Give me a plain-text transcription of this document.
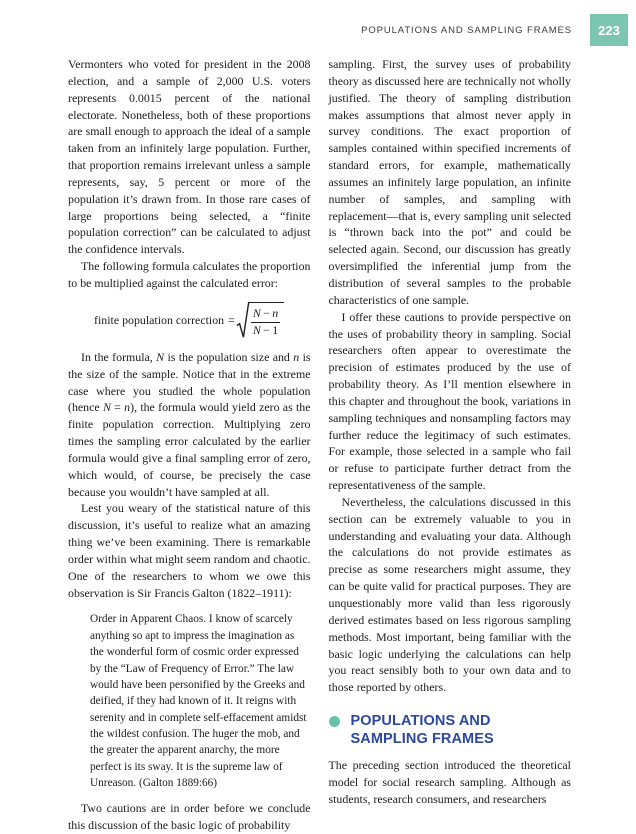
POPULATIONS AND SAMPLING FRAMES	223

Vermonters who voted for president in the 2008 election, and a sample of 2,000 U.S. voters represents 0.0015 percent of the national electorate. Nonetheless, both of these proportions are small enough to approach the ideal of a sample taken from an infinitely large population. Further, that proportion remains irrelevant unless a sample represents, say, 5 percent or more of the population it’s drawn from. In those rare cases of large proportions being selected, a “finite population correction” can be calculated to adjust the confidence intervals.

The following formula calculates the proportion to be multiplied against the calculated error:

finite population correction = $\frac{N - n}{N - 1}$

In the formula, N is the population size and n is the size of the sample. Notice that in the extreme case where you studied the whole population (hence N = n), the formula would yield zero as the finite population correction. Multiplying zero times the sampling error calculated by the earlier formula would give a final sampling error of zero, which would, of course, be precisely the case because you wouldn’t have sampled at all.

Lest you weary of the statistical nature of this discussion, it’s useful to realize what an amazing thing we’ve been examining. There is remarkable order within what might seem random and chaotic. One of the researchers to whom we owe this observation is Sir Francis Galton (1822–1911):

Order in Apparent Chaos. I know of scarcely anything so apt to impress the imagination as the wonderful form of cosmic order expressed by the “Law of Frequency of Error.” The law would have been personified by the Greeks and deified, if they had known of it. It reigns with serenity and in complete self-effacement amidst the wildest confusion. The huger the mob, and the greater the apparent anarchy, the more perfect is its sway. It is the supreme law of Unreason. (Galton 1889:66)

Two cautions are in order before we conclude this discussion of the basic logic of probability

sampling. First, the survey uses of probability theory as discussed here are technically not wholly justified. The theory of sampling distribution makes assumptions that almost never apply in survey conditions. The exact proportion of samples contained within specified increments of standard errors, for example, mathematically assumes an infinitely large population, an infinite number of samples, and sampling with replacement—that is, every sampling unit selected is “thrown back into the pot” and could be selected again. Second, our discussion has greatly oversimplified the inferential jump from the distribution of several samples to the probable characteristics of one sample.

I offer these cautions to provide perspective on the uses of probability theory in sampling. Social researchers often appear to overestimate the precision of estimates produced by the use of probability theory. As I’ll mention elsewhere in this chapter and throughout the book, variations in sampling techniques and nonsampling factors may further reduce the legitimacy of such estimates. For example, those selected in a sample who fail or refuse to participate further detract from the representativeness of the sample.

Nevertheless, the calculations discussed in this section can be extremely valuable to you in understanding and evaluating your data. Although the calculations do not provide estimates as precise as some researchers might assume, they can be quite valid for practical purposes. They are unquestionably more valid than less rigorously derived estimates based on less rigorous sampling methods. Most important, being familiar with the basic logic underlying the calculations can help you react sensibly both to your own data and to those reported by others.

POPULATIONS AND SAMPLING FRAMES

The preceding section introduced the theoretical model for social research sampling. Although as students, research consumers, and researchers
